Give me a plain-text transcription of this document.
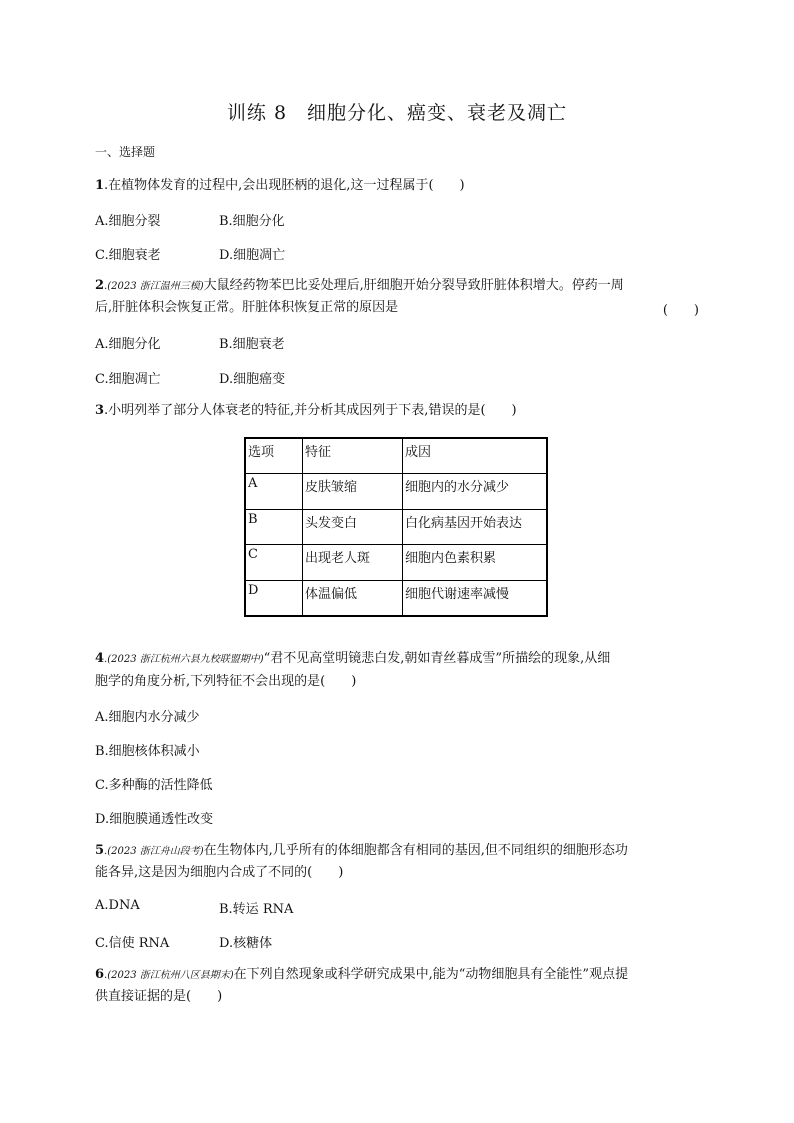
训练 8　细胞分化、癌变、衰老及凋亡
一、选择题
1.在植物体发育的过程中,会出现胚柄的退化,这一过程属于(　　)
A.细胞分裂	B.细胞分化
C.细胞衰老	D.细胞凋亡
2.(2023 浙江温州三模)大鼠经药物苯巴比妥处理后,肝细胞开始分裂导致肝脏体积增大。停药一周
后,肝脏体积会恢复正常。肝脏体积恢复正常的原因是	(　　)
A.细胞分化	B.细胞衰老
C.细胞凋亡	D.细胞癌变
3.小明列举了部分人体衰老的特征,并分析其成因列于下表,错误的是(　　)
选项	特征	成因
A	皮肤皱缩	细胞内的水分减少
B	头发变白	白化病基因开始表达
C	出现老人斑	细胞内色素积累
D	体温偏低	细胞代谢速率减慢
4.(2023 浙江杭州六县九校联盟期中)“君不见高堂明镜悲白发,朝如青丝暮成雪”所描绘的现象,从细
胞学的角度分析,下列特征不会出现的是(　　)
A.细胞内水分减少
B.细胞核体积减小
C.多种酶的活性降低
D.细胞膜通透性改变
5.(2023 浙江舟山段考)在生物体内,几乎所有的体细胞都含有相同的基因,但不同组织的细胞形态功
能各异,这是因为细胞内合成了不同的(　　)
A.DNA	B.转运 RNA
C.信使 RNA	D.核糖体
6.(2023 浙江杭州八区县期末)在下列自然现象或科学研究成果中,能为“动物细胞具有全能性”观点提
供直接证据的是(　　)
